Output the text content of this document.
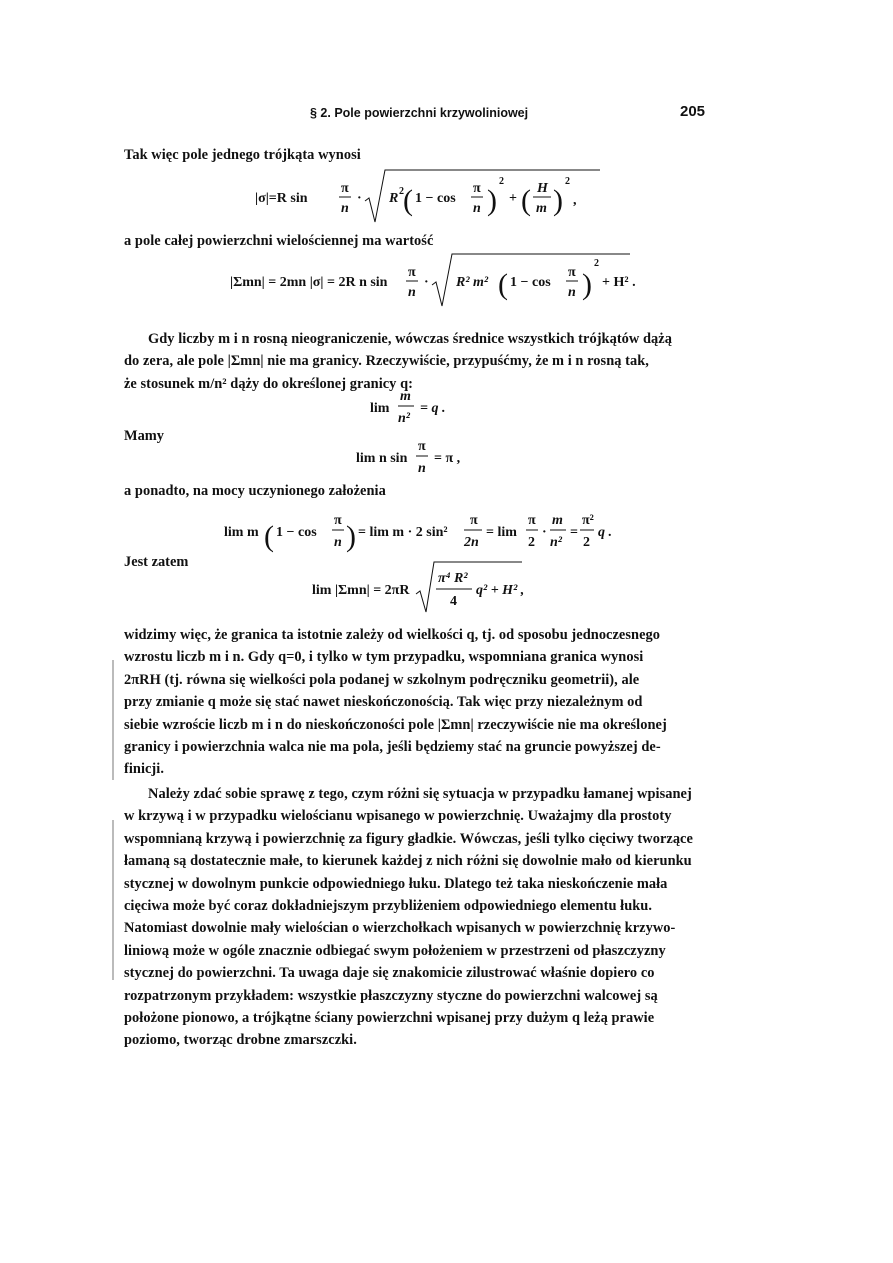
§ 2. Pole powierzchni krzywoliniowej	205
Tak więc pole jednego trójkąta wynosi
|σ|=R sin
π
n
· R 2 ( 1 − cos
π
n )
2
+ ( H
m )
2
,
a pole całej powierzchni wielościennej ma wartość
|Σmn| = 2mn |σ| = 2R n sin
π
n
· R² m² ( 1 − cos
π
n )
2
+ H² .
Gdy liczby m i n rosną nieograniczenie, wówczas średnice wszystkich trójkątów dążą
do zera, ale pole |Σmn| nie ma granicy. Rzeczywiście, przypuśćmy, że m i n rosną tak,
że stosunek m/n² dąży do określonej granicy q:
lim
m
n²
= q .
Mamy
lim n sin
π
n
= π ,
a ponadto, na mocy uczynionego założenia
lim m ( 1 − cos
π
n ) = lim m · 2 sin²
π
2n
= lim
π
2
·
m
n²
=
π²
2
q .
Jest zatem
lim |Σmn| = 2πR
π⁴ R²
4
q² + H² ,
widzimy więc, że granica ta istotnie zależy od wielkości q, tj. od sposobu jednoczesnego
wzrostu liczb m i n. Gdy q=0, i tylko w tym przypadku, wspomniana granica wynosi
2πRH (tj. równa się wielkości pola podanej w szkolnym podręczniku geometrii), ale
przy zmianie q może się stać nawet nieskończonością. Tak więc przy niezależnym od
siebie wzroście liczb m i n do nieskończoności pole |Σmn| rzeczywiście nie ma określonej
granicy i powierzchnia walca nie ma pola, jeśli będziemy stać na gruncie powyższej de-
finicji.
Należy zdać sobie sprawę z tego, czym różni się sytuacja w przypadku łamanej wpisanej
w krzywą i w przypadku wielościanu wpisanego w powierzchnię. Uważajmy dla prostoty
wspomnianą krzywą i powierzchnię za figury gładkie. Wówczas, jeśli tylko cięciwy tworzące
łamaną są dostatecznie małe, to kierunek każdej z nich różni się dowolnie mało od kierunku
stycznej w dowolnym punkcie odpowiedniego łuku. Dlatego też taka nieskończenie mała
cięciwa może być coraz dokładniejszym przybliżeniem odpowiedniego elementu łuku.
Natomiast dowolnie mały wielościan o wierzchołkach wpisanych w powierzchnię krzywo-
liniową może w ogóle znacznie odbiegać swym położeniem w przestrzeni od płaszczyzny
stycznej do powierzchni. Ta uwaga daje się znakomicie zilustrować właśnie dopiero co
rozpatrzonym przykładem: wszystkie płaszczyzny styczne do powierzchni walcowej są
położone pionowo, a trójkątne ściany powierzchni wpisanej przy dużym q leżą prawie
poziomo, tworząc drobne zmarszczki.
